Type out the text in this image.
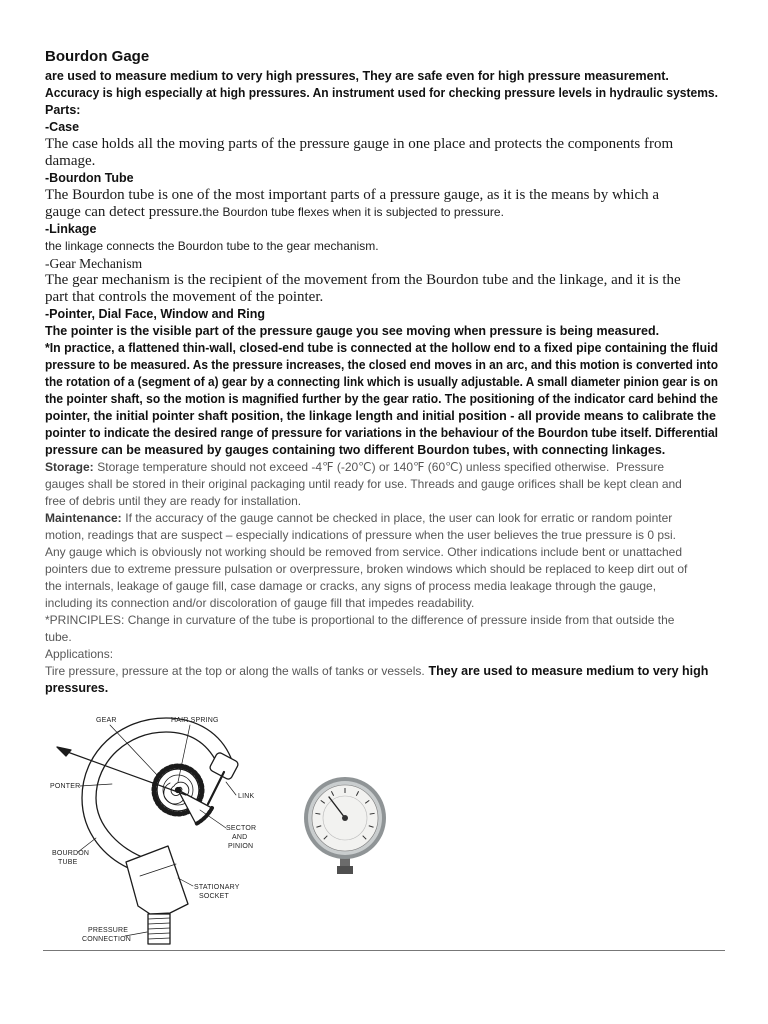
Bourdon Gage
are used to measure medium to very high pressures, They are safe even for high pressure measurement.
Accuracy is high especially at high pressures. An instrument used for checking pressure levels in hydraulic systems.
Parts:
-Case
The case holds all the moving parts of the pressure gauge in one place and protects the components from
damage.
-Bourdon Tube
The Bourdon tube is one of the most important parts of a pressure gauge, as it is the means by which a
gauge can detect pressure.the Bourdon tube flexes when it is subjected to pressure.
-Linkage
the linkage connects the Bourdon tube to the gear mechanism.
-Gear Mechanism
The gear mechanism is the recipient of the movement from the Bourdon tube and the linkage, and it is the
part that controls the movement of the pointer.
-Pointer, Dial Face, Window and Ring
The pointer is the visible part of the pressure gauge you see moving when pressure is being measured.
*In practice, a flattened thin-wall, closed-end tube is connected at the hollow end to a fixed pipe containing the fluid
pressure to be measured. As the pressure increases, the closed end moves in an arc, and this motion is converted into
the rotation of a (segment of a) gear by a connecting link which is usually adjustable. A small diameter pinion gear is on
the pointer shaft, so the motion is magnified further by the gear ratio. The positioning of the indicator card behind the
pointer, the initial pointer shaft position, the linkage length and initial position - all provide means to calibrate the
pointer to indicate the desired range of pressure for variations in the behaviour of the Bourdon tube itself. Differential
pressure can be measured by gauges containing two different Bourdon tubes, with connecting linkages.
Storage: Storage temperature should not exceed -4℉ (-20℃) or 140℉ (60℃) unless specified otherwise.  Pressure
gauges shall be stored in their original packaging until ready for use. Threads and gauge orifices shall be kept clean and
free of debris until they are ready for installation.
Maintenance: If the accuracy of the gauge cannot be checked in place, the user can look for erratic or random pointer
motion, readings that are suspect – especially indications of pressure when the user believes the true pressure is 0 psi.
Any gauge which is obviously not working should be removed from service. Other indications include bent or unattached
pointers due to extreme pressure pulsation or overpressure, broken windows which should be replaced to keep dirt out of
the internals, leakage of gauge fill, case damage or cracks, any signs of process media leakage through the gauge,
including its connection and/or discoloration of gauge fill that impedes readability.
*PRINCIPLES: Change in curvature of the tube is proportional to the difference of pressure inside from that outside the
tube.
Applications:
Tire pressure, pressure at the top or along the walls of tanks or vessels. They are used to measure medium to very high
pressures.
GEAR	HAIR SPRING
PONTER
LINK
SECTOR
AND
PINION
BOURDON
TUBE
STATIONARY
SOCKET
PRESSURE
CONNECTION
